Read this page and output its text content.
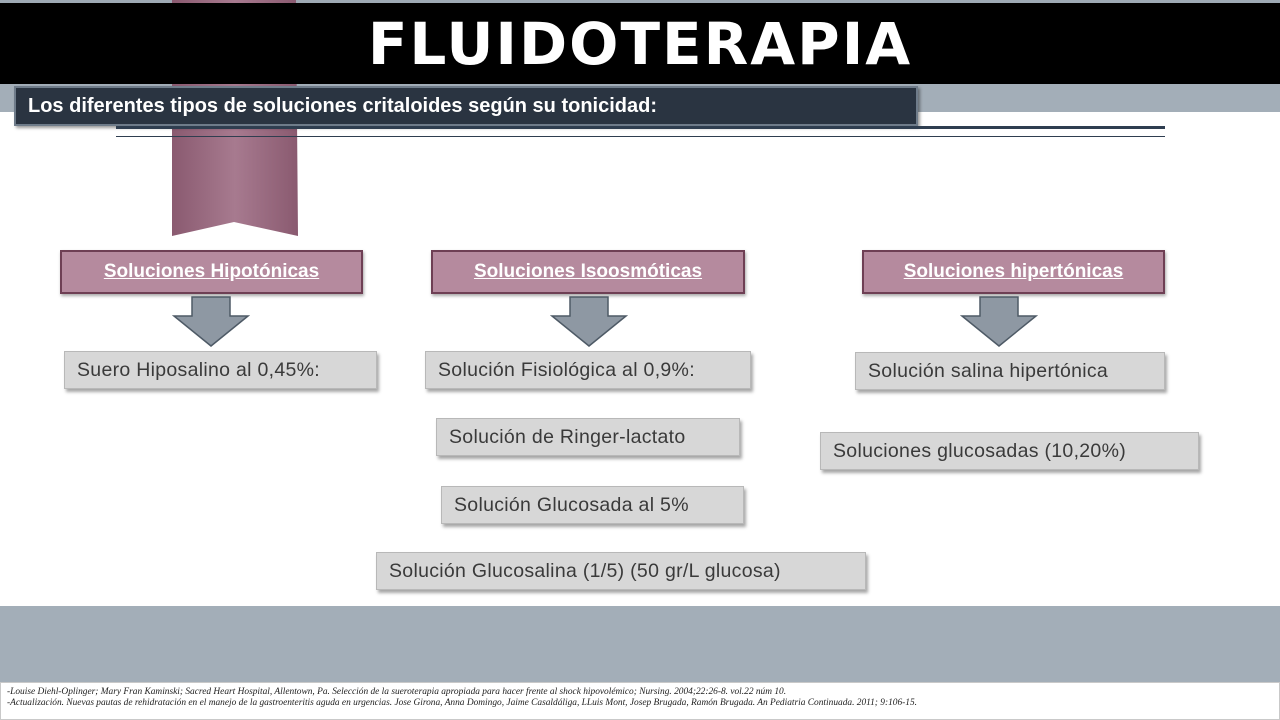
FLUIDOTERAPIA
Los diferentes tipos de soluciones critaloides según su tonicidad:
Soluciones Hipotónicas	Soluciones Isoosmóticas	Soluciones hipertónicas
Suero Hiposalino al 0,45%:	Solución Fisiológica al 0,9%:
Solución de Ringer-lactato
Solución Glucosada al 5%
Solución Glucosalina (1/5) (50 gr/L glucosa)
Solución salina hipertónica
Soluciones glucosadas (10,20%)
-Louise Diehl-Oplinger; Mary Fran Kaminski; Sacred Heart Hospital, Allentown, Pa. Selección de la sueroterapia apropiada para hacer frente al shock hipovolémico; Nursing. 2004;22:26-8. vol.22 núm 10.
-Actualización. Nuevas pautas de rehidratación en el manejo de la gastroenteritis aguda en urgencias. Jose Girona, Anna Domingo, Jaime Casaldáliga, LLuis Mont, Josep Brugada, Ramón Brugada. An Pediatria Continuada. 2011; 9:106-15.
